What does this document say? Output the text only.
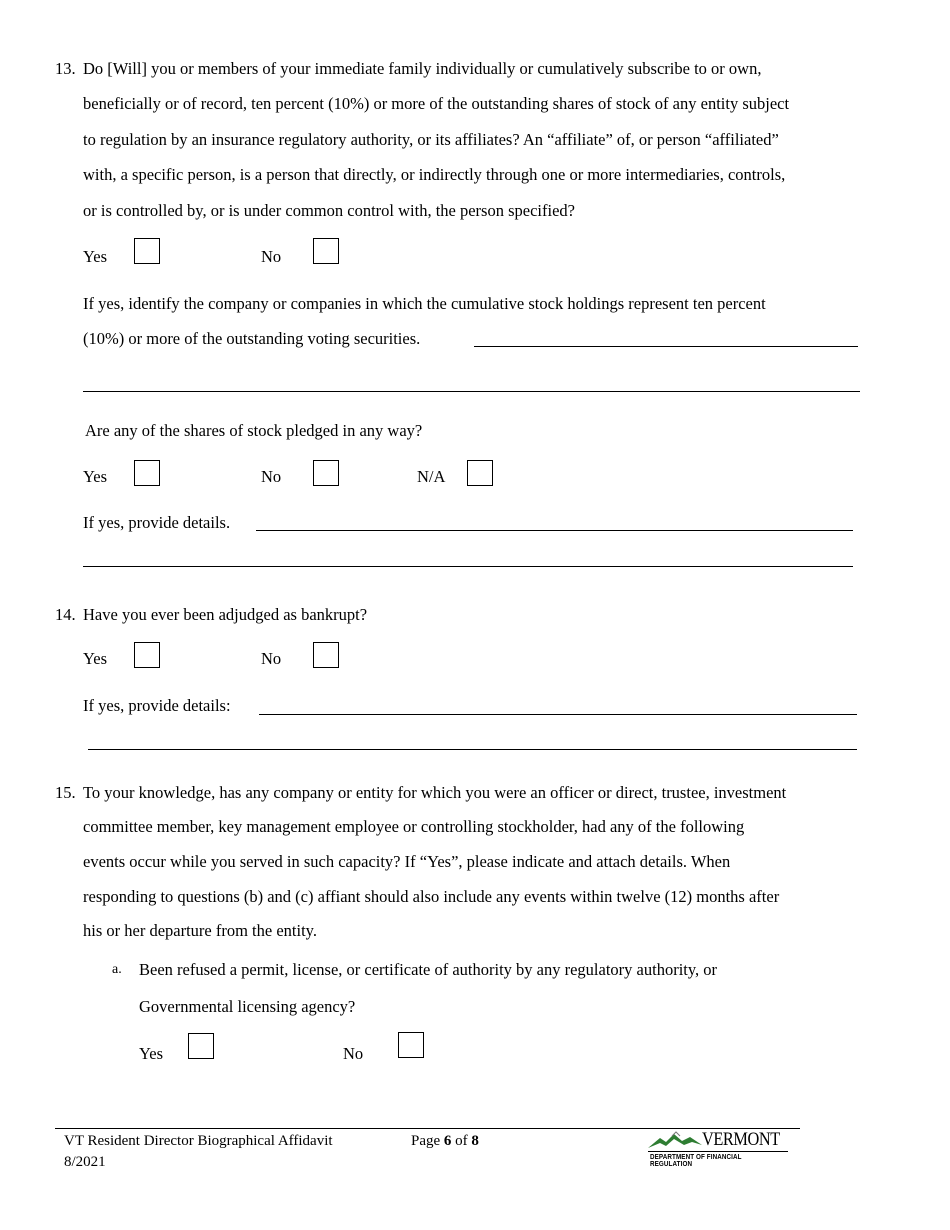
13. Do [Will] you or members of your immediate family individually or cumulatively subscribe to or own,
beneficially or of record, ten percent (10%) or more of the outstanding shares of stock of any entity subject
to regulation by an insurance regulatory authority, or its affiliates? An “affiliate” of, or person “affiliated”
with, a specific person, is a person that directly, or indirectly through one or more intermediaries, controls,
or is controlled by, or is under common control with, the person specified?
Yes	No
If yes, identify the company or companies in which the cumulative stock holdings represent ten percent
(10%) or more of the outstanding voting securities.
Are any of the shares of stock pledged in any way?
Yes	No	N/A
If yes, provide details.
14. Have you ever been adjudged as bankrupt?
Yes	No
If yes, provide details:
15. To your knowledge, has any company or entity for which you were an officer or direct, trustee, investment
committee member, key management employee or controlling stockholder, had any of the following
events occur while you served in such capacity? If “Yes”, please indicate and attach details. When
responding to questions (b) and (c) affiant should also include any events within twelve (12) months after
his or her departure from the entity.
a. Been refused a permit, license, or certificate of authority by any regulatory authority, or
Governmental licensing agency?
Yes	No
VT Resident Director Biographical Affidavit
8/2021
Page 6 of 8	VERMONT
DEPARTMENT OF FINANCIAL REGULATION
